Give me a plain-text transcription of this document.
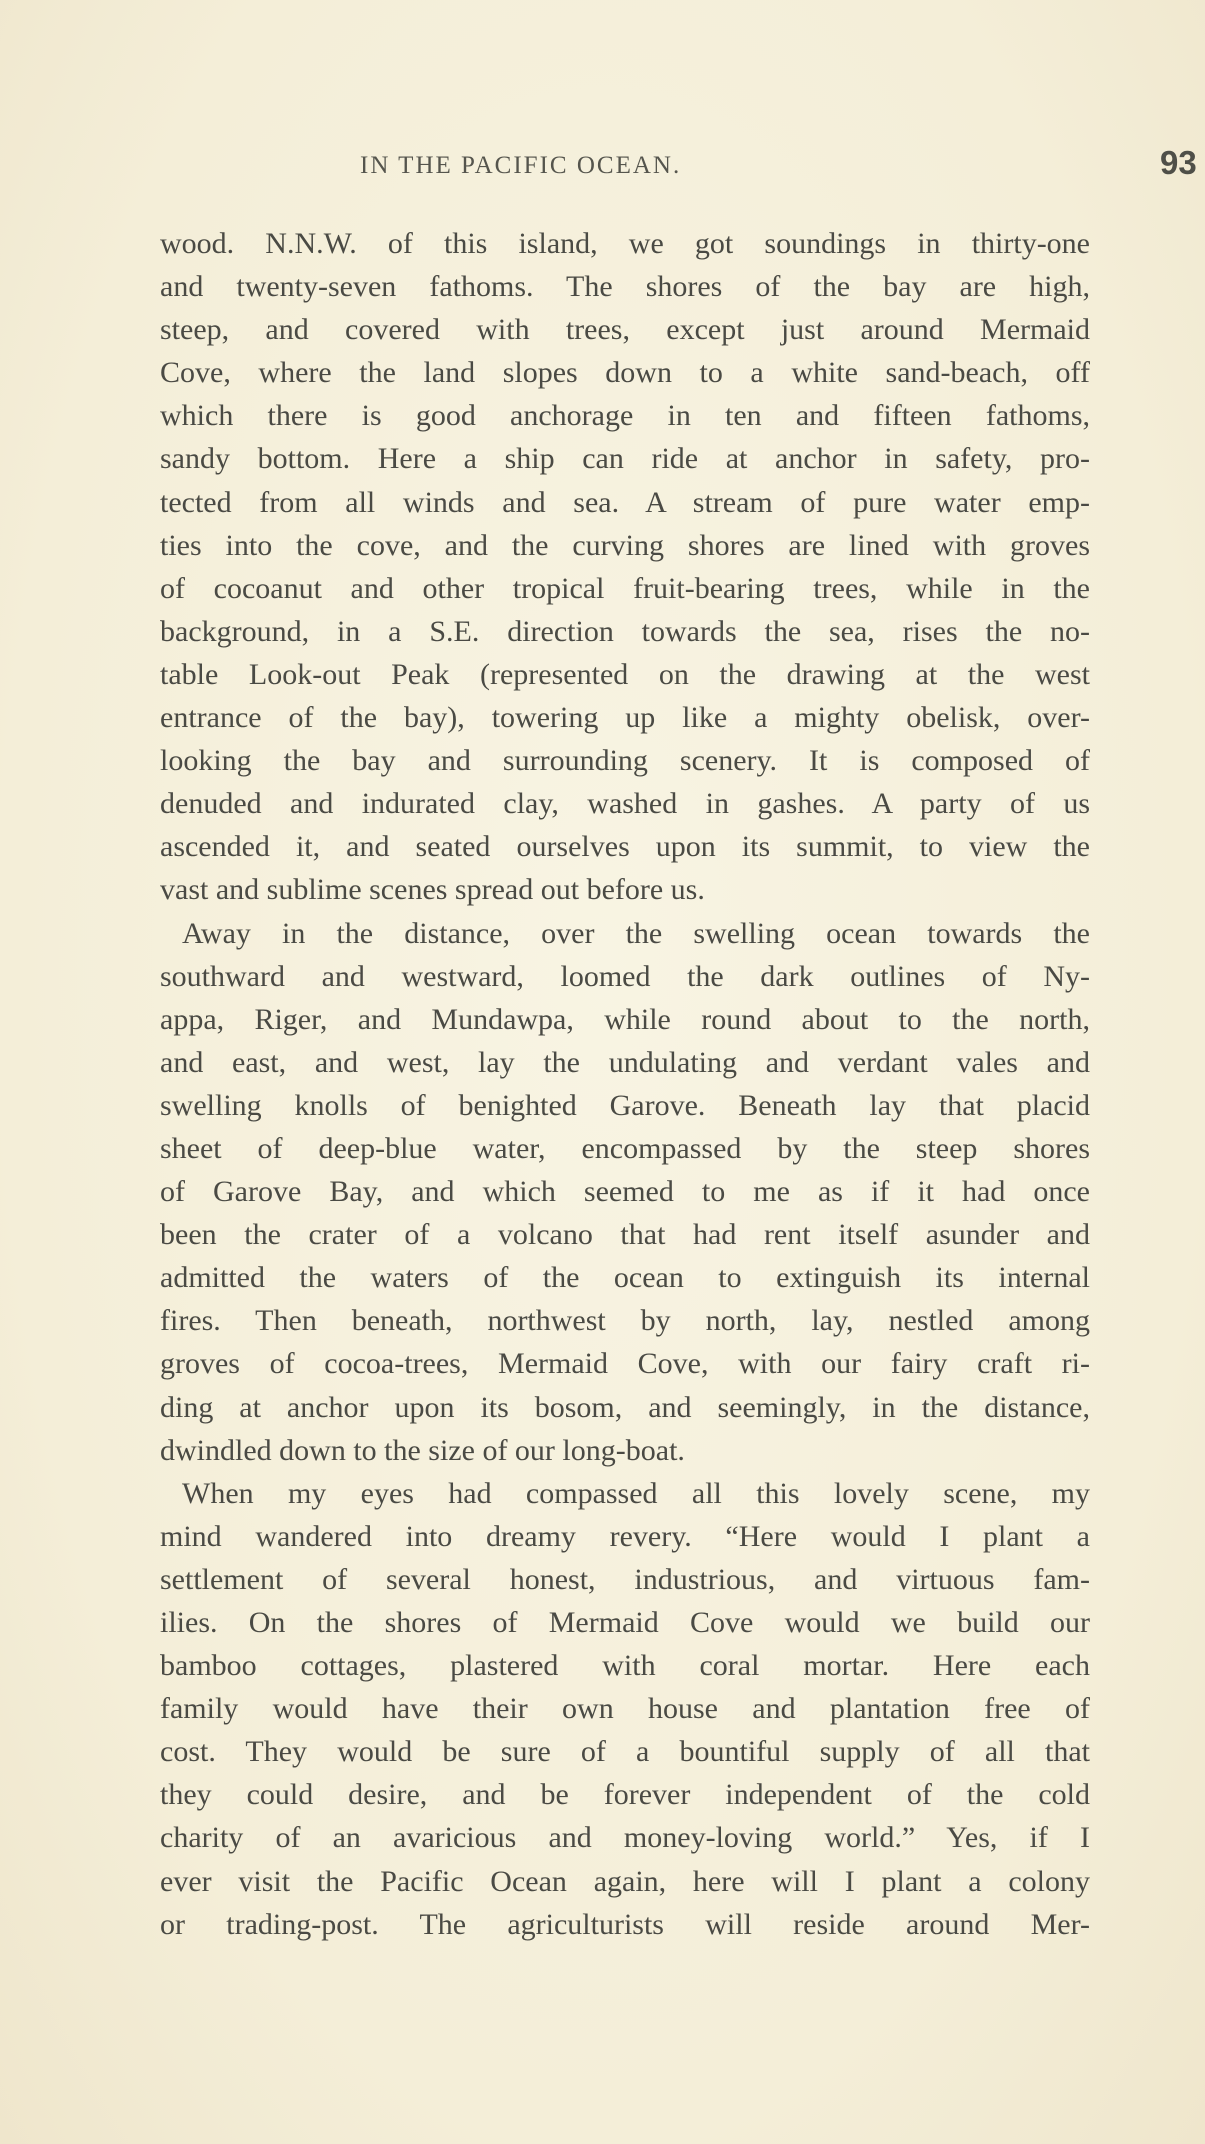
IN THE PACIFIC OCEAN.	93
wood. N.N.W. of this island, we got soundings in thirty-one
and twenty-seven fathoms. The shores of the bay are high,
steep, and covered with trees, except just around Mermaid
Cove, where the land slopes down to a white sand-beach, off
which there is good anchorage in ten and fifteen fathoms,
sandy bottom. Here a ship can ride at anchor in safety, pro-
tected from all winds and sea. A stream of pure water emp-
ties into the cove, and the curving shores are lined with groves
of cocoanut and other tropical fruit-bearing trees, while in the
background, in a S.E. direction towards the sea, rises the no-
table Look-out Peak (represented on the drawing at the west
entrance of the bay), towering up like a mighty obelisk, over-
looking the bay and surrounding scenery. It is composed of
denuded and indurated clay, washed in gashes. A party of us
ascended it, and seated ourselves upon its summit, to view the
vast and sublime scenes spread out before us.
Away in the distance, over the swelling ocean towards the
southward and westward, loomed the dark outlines of Ny-
appa, Riger, and Mundawpa, while round about to the north,
and east, and west, lay the undulating and verdant vales and
swelling knolls of benighted Garove. Beneath lay that placid
sheet of deep-blue water, encompassed by the steep shores
of Garove Bay, and which seemed to me as if it had once
been the crater of a volcano that had rent itself asunder and
admitted the waters of the ocean to extinguish its internal
fires. Then beneath, northwest by north, lay, nestled among
groves of cocoa-trees, Mermaid Cove, with our fairy craft ri-
ding at anchor upon its bosom, and seemingly, in the distance,
dwindled down to the size of our long-boat.
When my eyes had compassed all this lovely scene, my
mind wandered into dreamy revery. “Here would I plant a
settlement of several honest, industrious, and virtuous fam-
ilies. On the shores of Mermaid Cove would we build our
bamboo cottages, plastered with coral mortar. Here each
family would have their own house and plantation free of
cost. They would be sure of a bountiful supply of all that
they could desire, and be forever independent of the cold
charity of an avaricious and money-loving world.” Yes, if I
ever visit the Pacific Ocean again, here will I plant a colony
or trading-post. The agriculturists will reside around Mer-
